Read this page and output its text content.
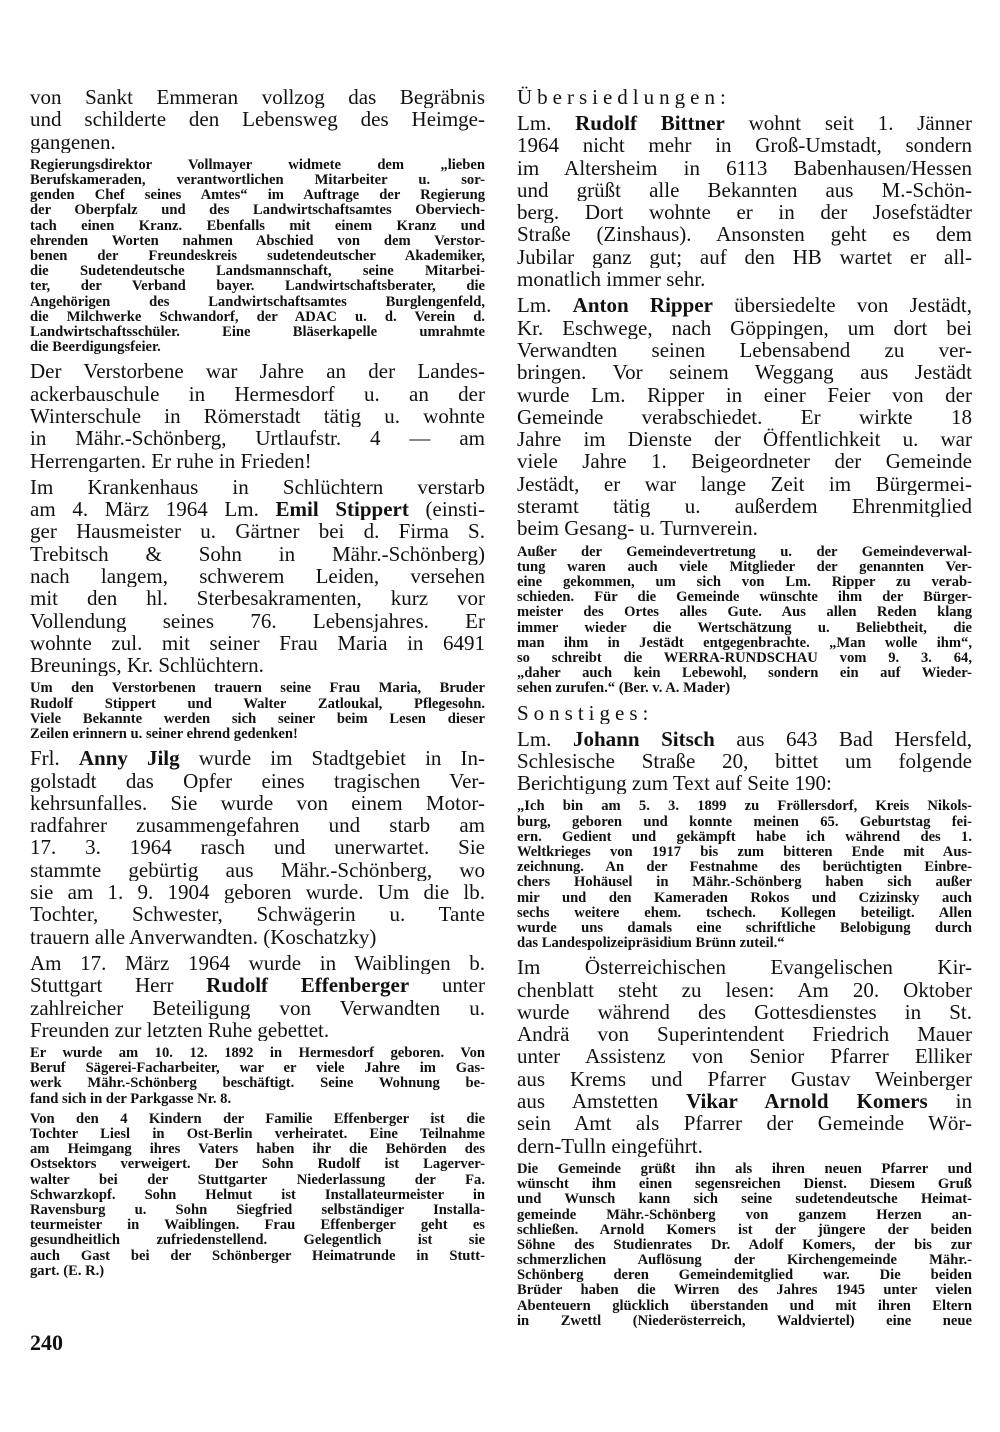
von Sankt Emmeran vollzog das Begräbnis
und schilderte den Lebensweg des Heimge-
gangenen.
Regierungsdirektor Vollmayer widmete dem „lieben
Berufskameraden, verantwortlichen Mitarbeiter u. sor-
genden Chef seines Amtes“ im Auftrage der Regierung
der Oberpfalz und des Landwirtschaftsamtes Oberviech-
tach einen Kranz. Ebenfalls mit einem Kranz und
ehrenden Worten nahmen Abschied von dem Verstor-
benen der Freundeskreis sudetendeutscher Akademiker,
die Sudetendeutsche Landsmannschaft, seine Mitarbei-
ter, der Verband bayer. Landwirtschaftsberater, die
Angehörigen des Landwirtschaftsamtes Burglengenfeld,
die Milchwerke Schwandorf, der ADAC u. d. Verein d.
Landwirtschaftsschüler. Eine Bläserkapelle umrahmte
die Beerdigungsfeier.
Der Verstorbene war Jahre an der Landes-
ackerbauschule in Hermesdorf u. an der
Winterschule in Römerstadt tätig u. wohnte
in Mähr.-Schönberg, Urtlaufstr. 4 — am
Herrengarten. Er ruhe in Frieden!
Im Krankenhaus in Schlüchtern verstarb
am 4. März 1964 Lm. Emil Stippert (einsti-
ger Hausmeister u. Gärtner bei d. Firma S.
Trebitsch & Sohn in Mähr.-Schönberg)
nach langem, schwerem Leiden, versehen
mit den hl. Sterbesakramenten, kurz vor
Vollendung seines 76. Lebensjahres. Er
wohnte zul. mit seiner Frau Maria in 6491
Breunings, Kr. Schlüchtern.
Um den Verstorbenen trauern seine Frau Maria, Bruder
Rudolf Stippert und Walter Zatloukal, Pflegesohn.
Viele Bekannte werden sich seiner beim Lesen dieser
Zeilen erinnern u. seiner ehrend gedenken!
Frl. Anny Jilg wurde im Stadtgebiet in In-
golstadt das Opfer eines tragischen Ver-
kehrsunfalles. Sie wurde von einem Motor-
radfahrer zusammengefahren und starb am
17. 3. 1964 rasch und unerwartet. Sie
stammte gebürtig aus Mähr.-Schönberg, wo
sie am 1. 9. 1904 geboren wurde. Um die lb.
Tochter, Schwester, Schwägerin u. Tante
trauern alle Anverwandten. (Koschatzky)
Am 17. März 1964 wurde in Waiblingen b.
Stuttgart Herr Rudolf Effenberger unter
zahlreicher Beteiligung von Verwandten u.
Freunden zur letzten Ruhe gebettet.
Er wurde am 10. 12. 1892 in Hermesdorf geboren. Von
Beruf Sägerei-Facharbeiter, war er viele Jahre im Gas-
werk Mähr.-Schönberg beschäftigt. Seine Wohnung be-
fand sich in der Parkgasse Nr. 8.
Von den 4 Kindern der Familie Effenberger ist die
Tochter Liesl in Ost-Berlin verheiratet. Eine Teilnahme
am Heimgang ihres Vaters haben ihr die Behörden des
Ostsektors verweigert. Der Sohn Rudolf ist Lagerver-
walter bei der Stuttgarter Niederlassung der Fa.
Schwarzkopf. Sohn Helmut ist Installateurmeister in
Ravensburg u. Sohn Siegfried selbständiger Installa-
teurmeister in Waiblingen. Frau Effenberger geht es
gesundheitlich zufriedenstellend. Gelegentlich ist sie
auch Gast bei der Schönberger Heimatrunde in Stutt-
gart. (E. R.)
Übersiedlungen:
Lm. Rudolf Bittner wohnt seit 1. Jänner
1964 nicht mehr in Groß-Umstadt, sondern
im Altersheim in 6113 Babenhausen/Hessen
und grüßt alle Bekannten aus M.-Schön-
berg. Dort wohnte er in der Josefstädter
Straße (Zinshaus). Ansonsten geht es dem
Jubilar ganz gut; auf den HB wartet er all-
monatlich immer sehr.
Lm. Anton Ripper übersiedelte von Jestädt,
Kr. Eschwege, nach Göppingen, um dort bei
Verwandten seinen Lebensabend zu ver-
bringen. Vor seinem Weggang aus Jestädt
wurde Lm. Ripper in einer Feier von der
Gemeinde verabschiedet. Er wirkte 18
Jahre im Dienste der Öffentlichkeit u. war
viele Jahre 1. Beigeordneter der Gemeinde
Jestädt, er war lange Zeit im Bürgermei-
steramt tätig u. außerdem Ehrenmitglied
beim Gesang- u. Turnverein.
Außer der Gemeindevertretung u. der Gemeindeverwal-
tung waren auch viele Mitglieder der genannten Ver-
eine gekommen, um sich von Lm. Ripper zu verab-
schieden. Für die Gemeinde wünschte ihm der Bürger-
meister des Ortes alles Gute. Aus allen Reden klang
immer wieder die Wertschätzung u. Beliebtheit, die
man ihm in Jestädt entgegenbrachte. „Man wolle ihm“,
so schreibt die WERRA-RUNDSCHAU vom 9. 3. 64,
„daher auch kein Lebewohl, sondern ein auf Wieder-
sehen zurufen.“ (Ber. v. A. Mader)
Sonstiges:
Lm. Johann Sitsch aus 643 Bad Hersfeld,
Schlesische Straße 20, bittet um folgende
Berichtigung zum Text auf Seite 190:
„Ich bin am 5. 3. 1899 zu Fröllersdorf, Kreis Nikols-
burg, geboren und konnte meinen 65. Geburtstag fei-
ern. Gedient und gekämpft habe ich während des 1.
Weltkrieges von 1917 bis zum bitteren Ende mit Aus-
zeichnung. An der Festnahme des berüchtigten Einbre-
chers Hohäusel in Mähr.-Schönberg haben sich außer
mir und den Kameraden Rokos und Czizinsky auch
sechs weitere ehem. tschech. Kollegen beteiligt. Allen
wurde uns damals eine schriftliche Belobigung durch
das Landespolizeipräsidium Brünn zuteil.“
Im Österreichischen Evangelischen Kir-
chenblatt steht zu lesen: Am 20. Oktober
wurde während des Gottesdienstes in St.
Andrä von Superintendent Friedrich Mauer
unter Assistenz von Senior Pfarrer Elliker
aus Krems und Pfarrer Gustav Weinberger
aus Amstetten Vikar Arnold Komers in
sein Amt als Pfarrer der Gemeinde Wör-
dern-Tulln eingeführt.
Die Gemeinde grüßt ihn als ihren neuen Pfarrer und
wünscht ihm einen segensreichen Dienst. Diesem Gruß
und Wunsch kann sich seine sudetendeutsche Heimat-
gemeinde Mähr.-Schönberg von ganzem Herzen an-
schließen. Arnold Komers ist der jüngere der beiden
Söhne des Studienrates Dr. Adolf Komers, der bis zur
schmerzlichen Auflösung der Kirchengemeinde Mähr.-
Schönberg deren Gemeindemitglied war. Die beiden
Brüder haben die Wirren des Jahres 1945 unter vielen
Abenteuern glücklich überstanden und mit ihren Eltern
in Zwettl (Niederösterreich, Waldviertel) eine neue
240
